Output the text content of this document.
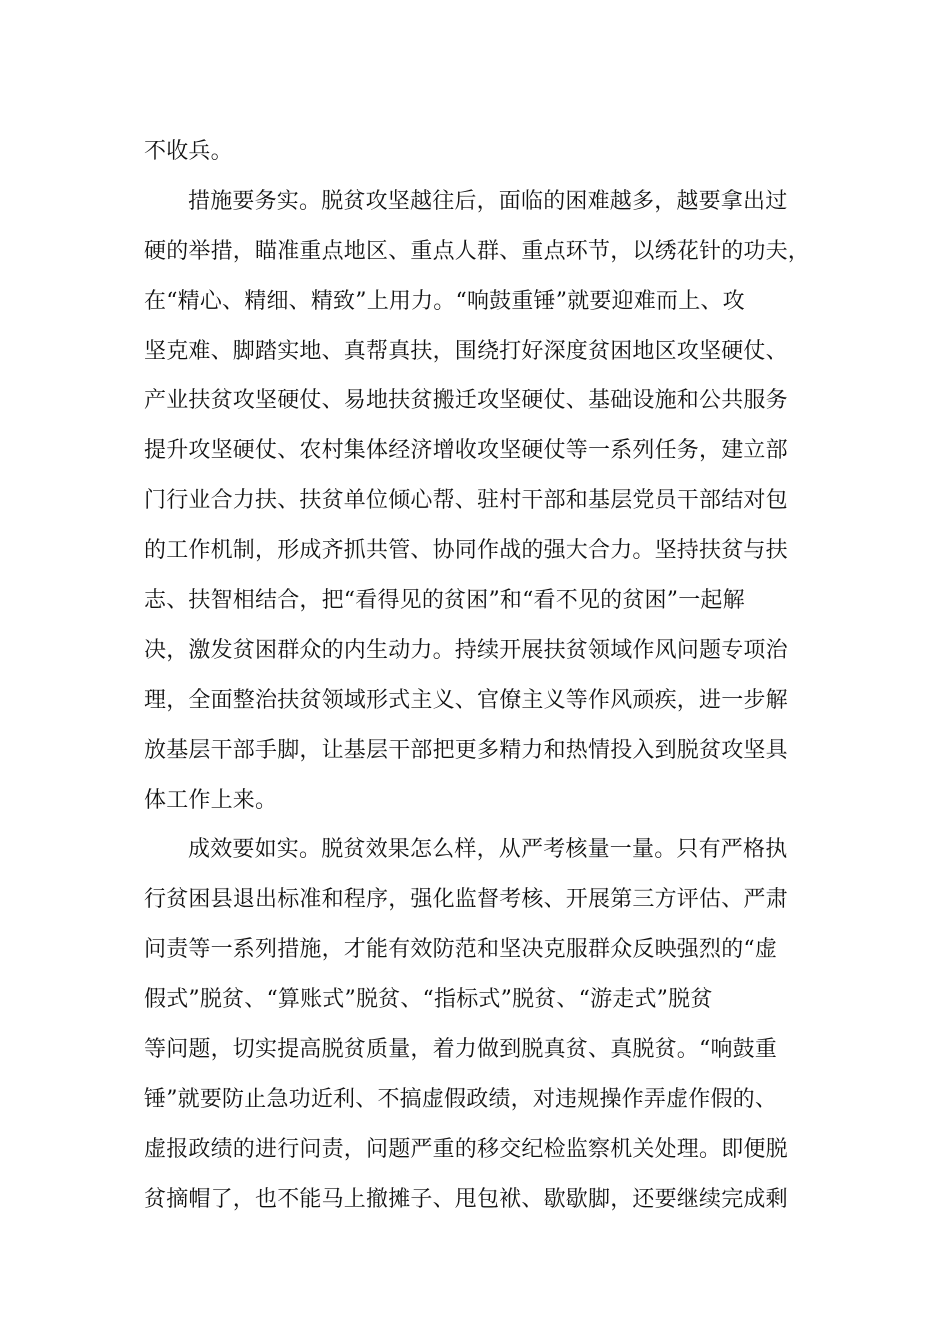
不收兵。
措施要务实。脱贫攻坚越往后，面临的困难越多，越要拿出过
硬的举措，瞄准重点地区、重点人群、重点环节，以绣花针的功夫，
在“精心、精细、精致”上用力。“响鼓重锤”就要迎难而上、攻
坚克难、脚踏实地、真帮真扶，围绕打好深度贫困地区攻坚硬仗、
产业扶贫攻坚硬仗、易地扶贫搬迁攻坚硬仗、基础设施和公共服务
提升攻坚硬仗、农村集体经济增收攻坚硬仗等一系列任务，建立部
门行业合力扶、扶贫单位倾心帮、驻村干部和基层党员干部结对包
的工作机制，形成齐抓共管、协同作战的强大合力。坚持扶贫与扶
志、扶智相结合，把“看得见的贫困”和“看不见的贫困”一起解
决，激发贫困群众的内生动力。持续开展扶贫领域作风问题专项治
理，全面整治扶贫领域形式主义、官僚主义等作风顽疾，进一步解
放基层干部手脚，让基层干部把更多精力和热情投入到脱贫攻坚具
体工作上来。
成效要如实。脱贫效果怎么样，从严考核量一量。只有严格执
行贫困县退出标准和程序，强化监督考核、开展第三方评估、严肃
问责等一系列措施，才能有效防范和坚决克服群众反映强烈的“虚
假式”脱贫、“算账式”脱贫、“指标式”脱贫、“游走式”脱贫
等问题，切实提高脱贫质量，着力做到脱真贫、真脱贫。“响鼓重
锤”就要防止急功近利、不搞虚假政绩，对违规操作弄虚作假的、
虚报政绩的进行问责，问题严重的移交纪检监察机关处理。即便脱
贫摘帽了，也不能马上撤摊子、甩包袱、歇歇脚，还要继续完成剩
